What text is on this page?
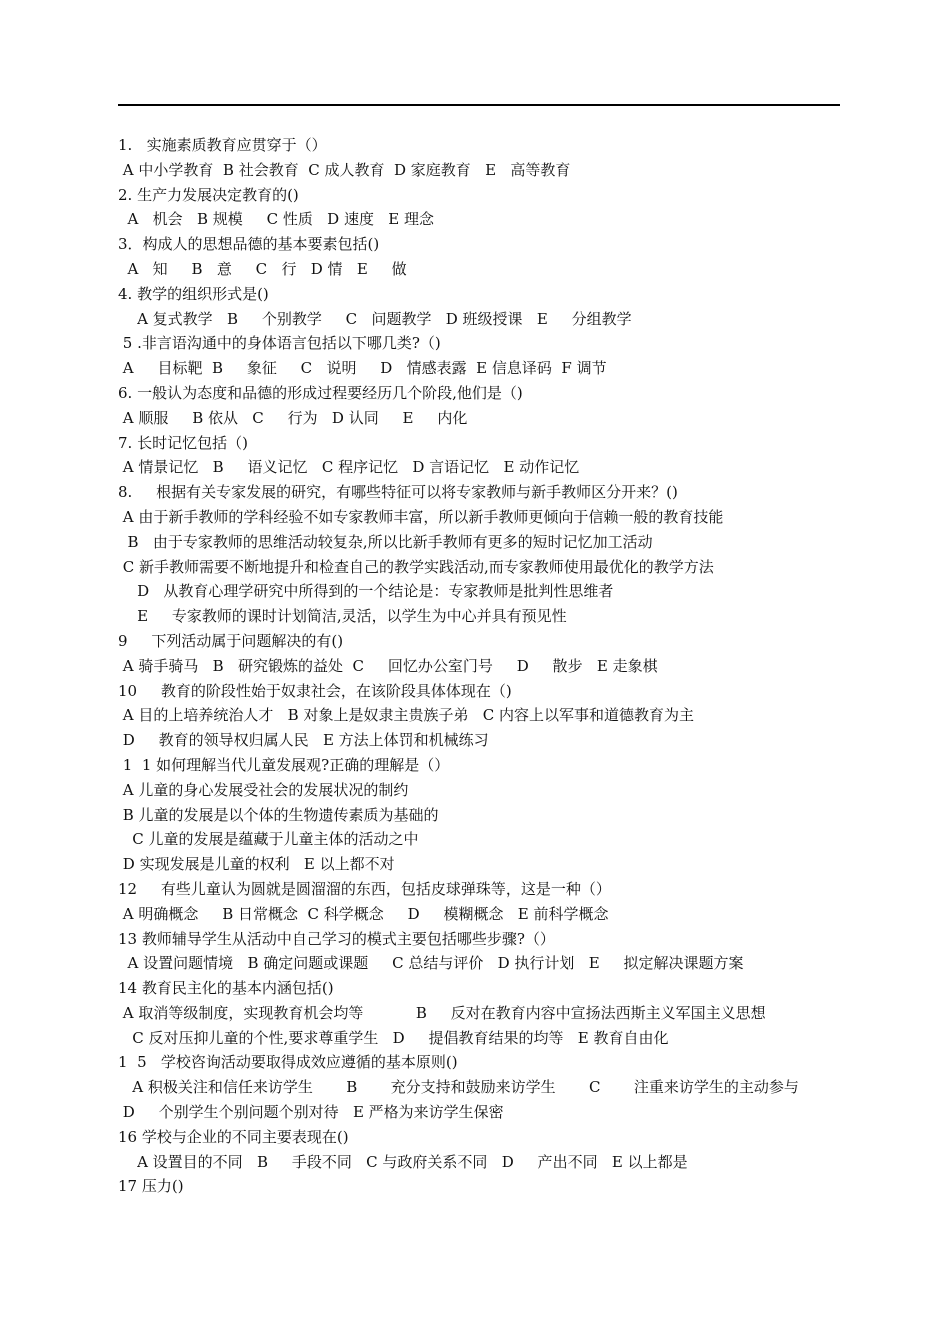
1.   实施素质教育应贯穿于（）
A 中小学教育  B 社会教育  C 成人教育  D 家庭教育   E   高等教育
2. 生产力发展决定教育的()
A   机会   B 规模     C 性质   D 速度   E 理念
3．构成人的思想品德的基本要素包括()
A   知     B   意     C   行   D 情   E     做
4. 教学的组织形式是()
A 复式教学   B     个别教学     C   问题教学   D 班级授课   E     分组教学
5 .非言语沟通中的身体语言包括以下哪几类?（)
A     目标靶  B     象征     C   说明     D   情感表露  E 信息译码  F 调节
6. 一般认为态度和品德的形成过程要经历几个阶段,他们是（)
A 顺服     B 依从   C     行为   D 认同     E     内化
7. 长时记忆包括（)
A 情景记忆   B     语义记忆   C 程序记忆   D 言语记忆   E 动作记忆
8.     根据有关专家发展的研究，有哪些特征可以将专家教师与新手教师区分开来？()
A 由于新手教师的学科经验不如专家教师丰富，所以新手教师更倾向于信赖一般的教育技能
B   由于专家教师的思维活动较复杂,所以比新手教师有更多的短时记忆加工活动
C 新手教师需要不断地提升和检查自己的教学实践活动,而专家教师使用最优化的教学方法
D   从教育心理学研究中所得到的一个结论是：专家教师是批判性思维者
E     专家教师的课时计划简洁,灵活，以学生为中心并具有预见性
9     下列活动属于问题解决的有()
A 骑手骑马   B   研究锻炼的益处  C     回忆办公室门号     D     散步   E 走象棋
10     教育的阶段性始于奴隶社会，在该阶段具体体现在（)
A 目的上培养统治人才   B 对象上是奴隶主贵族子弟   C 内容上以军事和道德教育为主
D     教育的领导权归属人民   E 方法上体罚和机械练习
1  1 如何理解当代儿童发展观?正确的理解是（）
A 儿童的身心发展受社会的发展状况的制约
B 儿童的发展是以个体的生物遗传素质为基础的
C 儿童的发展是蕴藏于儿童主体的活动之中
D 实现发展是儿童的权利   E 以上都不对
12     有些儿童认为圆就是圆溜溜的东西，包括皮球弹珠等，这是一种（）
A 明确概念     B 日常概念  C 科学概念     D     模糊概念   E 前科学概念
13 教师辅导学生从活动中自己学习的模式主要包括哪些步骤?（）
A 设置问题情境   B 确定问题或课题     C 总结与评价   D 执行计划   E     拟定解决课题方案
14 教育民主化的基本内涵包括()
A 取消等级制度，实现教育机会均等           B     反对在教育内容中宣扬法西斯主义军国主义思想
C 反对压抑儿童的个性,要求尊重学生   D     提倡教育结果的均等   E 教育自由化
1  5   学校咨询活动要取得成效应遵循的基本原则()
A 积极关注和信任来访学生       B       充分支持和鼓励来访学生       C       注重来访学生的主动参与
D     个别学生个别问题个别对待   E 严格为来访学生保密
16 学校与企业的不同主要表现在()
A 设置目的不同   B     手段不同   C 与政府关系不同   D     产出不同   E 以上都是
17 压力()
